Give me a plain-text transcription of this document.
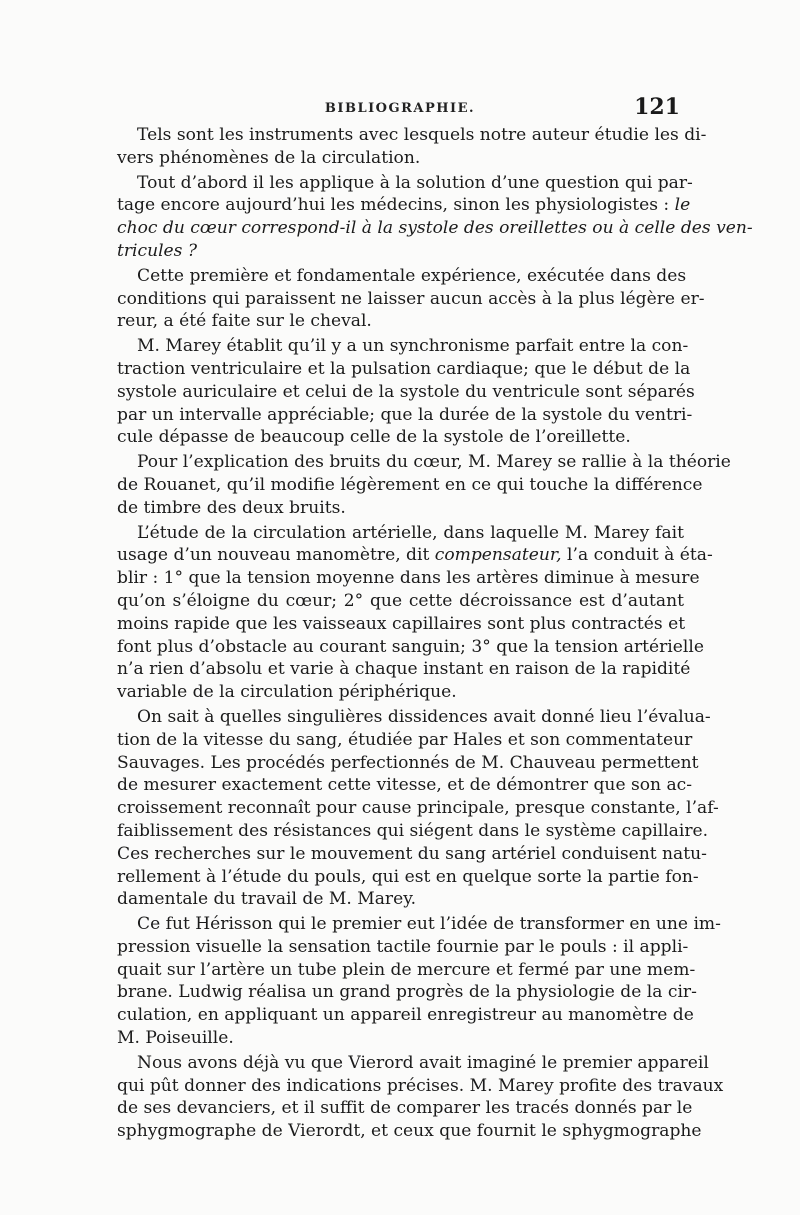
BIBLIOGRAPHIE.	121
Tels sont les instruments avec lesquels notre auteur étudie les di-
vers phénomènes de la circulation.
Tout d’abord il les applique à la solution d’une question qui par-
tage encore aujourd’hui les médecins, sinon les physiologistes : le
choc du cœur correspond-il à la systole des oreillettes ou à celle des ven-
tricules ?
Cette première et fondamentale expérience, exécutée dans des
conditions qui paraissent ne laisser aucun accès à la plus légère er-
reur, a été faite sur le cheval.
M. Marey établit qu’il y a un synchronisme parfait entre la con-
traction ventriculaire et la pulsation cardiaque; que le début de la
systole auriculaire et celui de la systole du ventricule sont séparés
par un intervalle appréciable; que la durée de la systole du ventri-
cule dépasse de beaucoup celle de la systole de l’oreillette.
Pour l’explication des bruits du cœur, M. Marey se rallie à la théorie
de Rouanet, qu’il modifie légèrement en ce qui touche la différence
de timbre des deux bruits.
L’étude de la circulation artérielle, dans laquelle M. Marey fait
usage d’un nouveau manomètre, dit compensateur, l’a conduit à éta-
blir : 1° que la tension moyenne dans les artères diminue à mesure
qu’on s’éloigne du cœur; 2° que cette décroissance est d’autant
moins rapide que les vaisseaux capillaires sont plus contractés et
font plus d’obstacle au courant sanguin; 3° que la tension artérielle
n’a rien d’absolu et varie à chaque instant en raison de la rapidité
variable de la circulation périphérique.
On sait à quelles singulières dissidences avait donné lieu l’évalua-
tion de la vitesse du sang, étudiée par Hales et son commentateur
Sauvages. Les procédés perfectionnés de M. Chauveau permettent
de mesurer exactement cette vitesse, et de démontrer que son ac-
croissement reconnaît pour cause principale, presque constante, l’af-
faiblissement des résistances qui siégent dans le système capillaire.
Ces recherches sur le mouvement du sang artériel conduisent natu-
rellement à l’étude du pouls, qui est en quelque sorte la partie fon-
damentale du travail de M. Marey.
Ce fut Hérisson qui le premier eut l’idée de transformer en une im-
pression visuelle la sensation tactile fournie par le pouls : il appli-
quait sur l’artère un tube plein de mercure et fermé par une mem-
brane. Ludwig réalisa un grand progrès de la physiologie de la cir-
culation, en appliquant un appareil enregistreur au manomètre de
M. Poiseuille.
Nous avons déjà vu que Vierord avait imaginé le premier appareil
qui pût donner des indications précises. M. Marey profite des travaux
de ses devanciers, et il suffit de comparer les tracés donnés par le
sphygmographe de Vierordt, et ceux que fournit le sphygmographe
